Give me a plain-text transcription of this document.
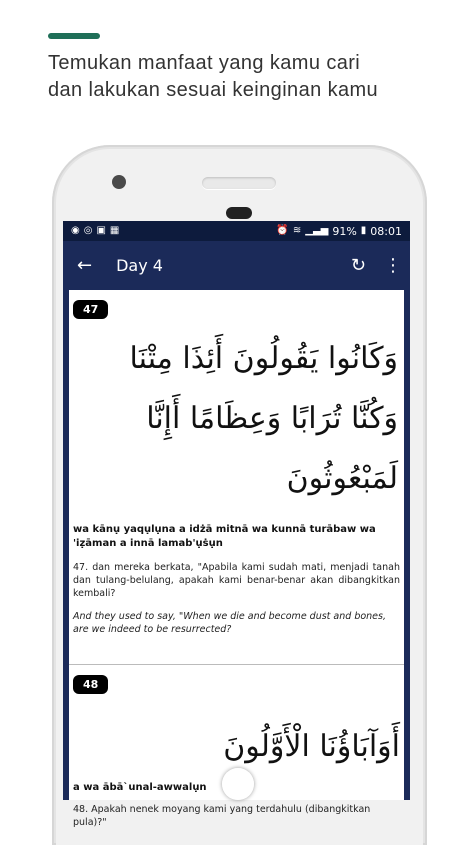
Temukan manfaat yang kamu cari
dan lakukan sesuai keinginan kamu
◉ ◎ ▣ ▦	⏰ ≋ ▁▃▅ 91% ▮ 08:01
← Day 4	↻ ⋮
47
وَكَانُوا يَقُولُونَ أَئِذَا مِتْنَا وَكُنَّا تُرَابًا وَعِظَامًا أَإِنَّا لَمَبْعُوثُونَ
wa kānụ yaqụlụna a idżā mitnā wa kunnā turābaw wa 'iẓāman a innā lamab'ụṡụn
47. dan mereka berkata, "Apabila kami sudah mati, menjadi tanah dan tulang-belulang, apakah kami benar-benar akan dibangkitkan kembali?
And they used to say, "When we die and become dust and bones, are we indeed to be resurrected?
48
أَوَآبَاؤُنَا الْأَوَّلُونَ
a wa ābā`unal-awwalụn
48. Apakah nenek moyang kami yang terdahulu (dibangkitkan pula)?"
